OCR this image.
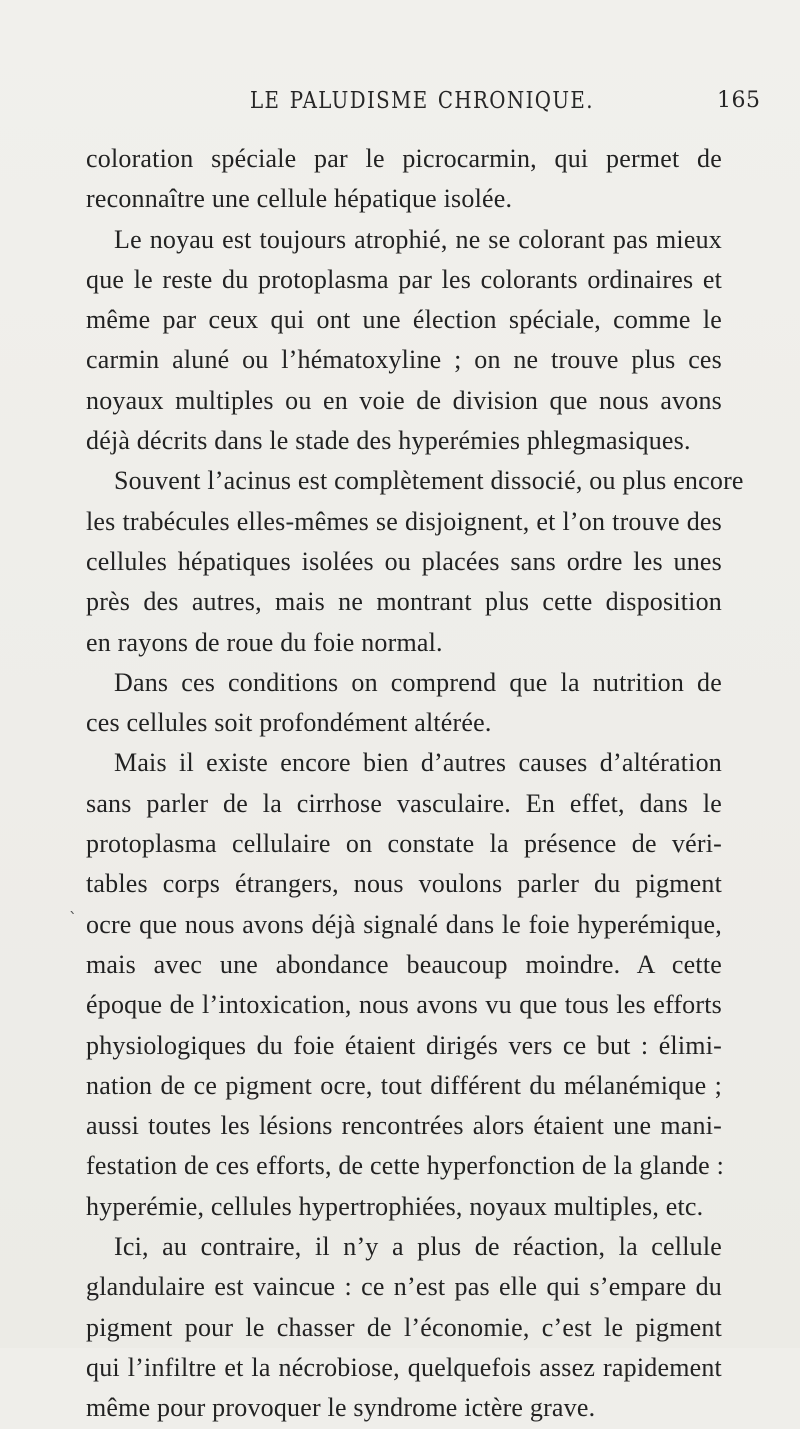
LE PALUDISME CHRONIQUE.	165
ˋ
coloration spéciale par le picrocarmin, qui permet de
reconnaître une cellule hépatique isolée.
Le noyau est toujours atrophié, ne se colorant pas mieux
que le reste du protoplasma par les colorants ordinaires et
même par ceux qui ont une élection spéciale, comme le
carmin aluné ou l’hématoxyline ; on ne trouve plus ces
noyaux multiples ou en voie de division que nous avons
déjà décrits dans le stade des hyperémies phlegmasiques.
Souvent l’acinus est complètement dissocié, ou plus encore
les trabécules elles-mêmes se disjoignent, et l’on trouve des
cellules hépatiques isolées ou placées sans ordre les unes
près des autres, mais ne montrant plus cette disposition
en rayons de roue du foie normal.
Dans ces conditions on comprend que la nutrition de
ces cellules soit profondément altérée.
Mais il existe encore bien d’autres causes d’altération
sans parler de la cirrhose vasculaire. En effet, dans le
protoplasma cellulaire on constate la présence de véri-
tables corps étrangers, nous voulons parler du pigment
ocre que nous avons déjà signalé dans le foie hyperémique,
mais avec une abondance beaucoup moindre. A cette
époque de l’intoxication, nous avons vu que tous les efforts
physiologiques du foie étaient dirigés vers ce but : élimi-
nation de ce pigment ocre, tout différent du mélanémique ;
aussi toutes les lésions rencontrées alors étaient une mani-
festation de ces efforts, de cette hyperfonction de la glande :
hyperémie, cellules hypertrophiées, noyaux multiples, etc.
Ici, au contraire, il n’y a plus de réaction, la cellule
glandulaire est vaincue : ce n’est pas elle qui s’empare du
pigment pour le chasser de l’économie, c’est le pigment
qui l’infiltre et la nécrobiose, quelquefois assez rapidement
même pour provoquer le syndrome ictère grave.
